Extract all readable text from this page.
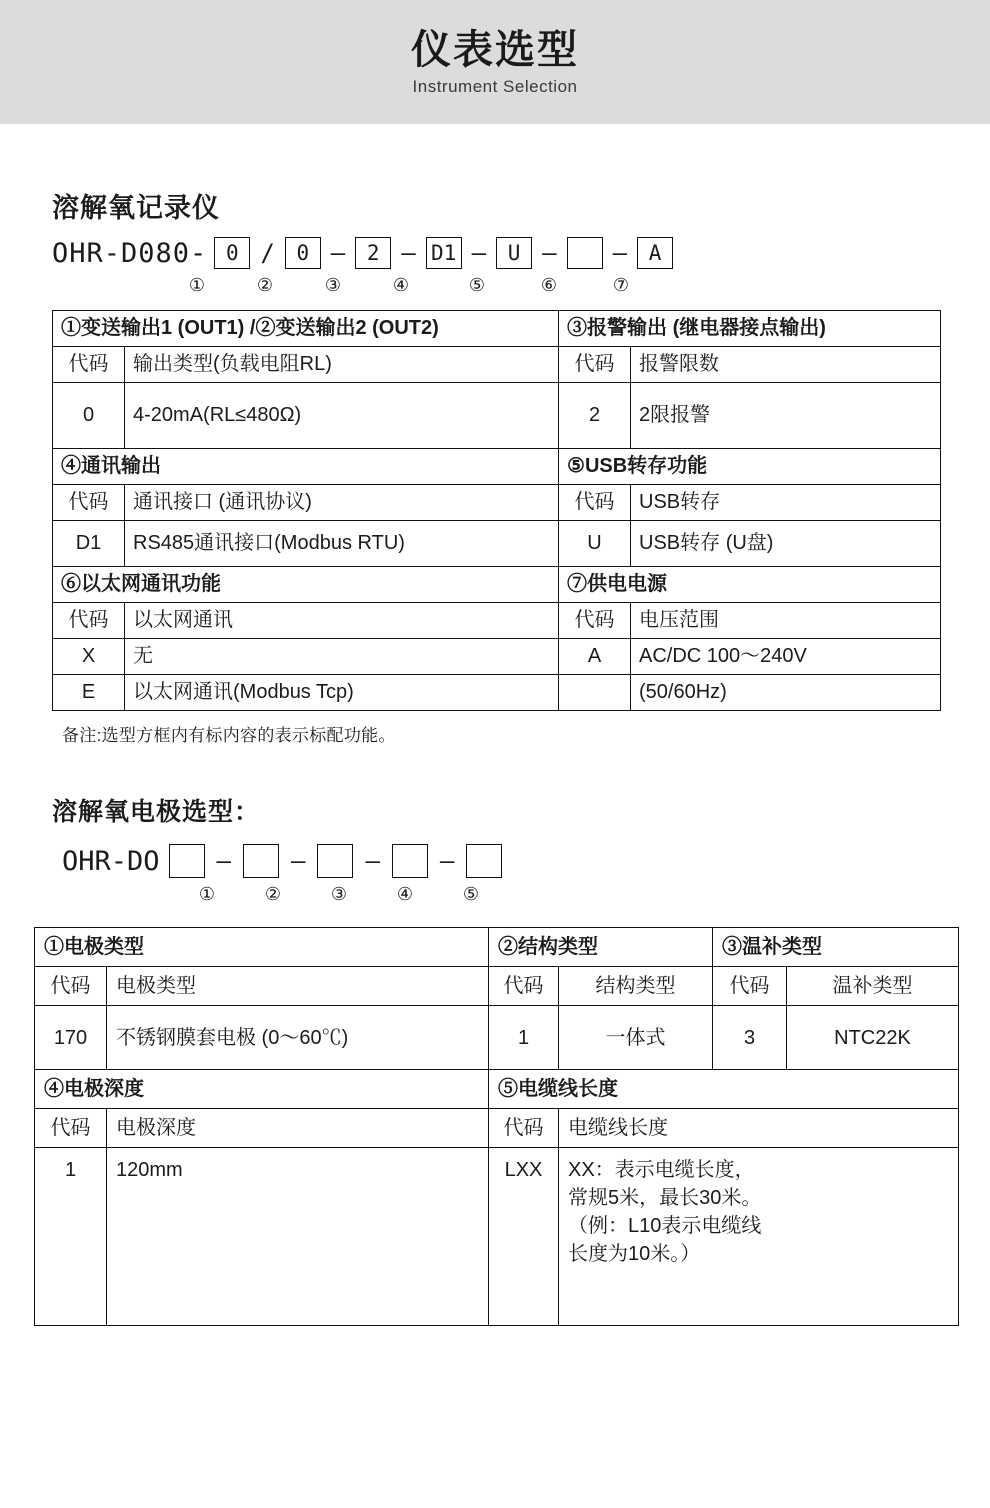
仪表选型
Instrument Selection
溶解氧记录仪
OHR-D080- 0 /	0 —	2 — D1 —	U — —	A
①	②	③	④	⑤	⑥	⑦
①变送输出1 (OUT1) /②变送输出2 (OUT2)		③报警输出 (继电器接点输出)	
代码	输出类型(负载电阻RL)	代码	报警限数
0	4-20mA(RL≤480Ω)	2	2限报警
④通讯输出		⑤USB转存功能	
代码	通讯接口 (通讯协议)	代码	USB转存
D1	RS485通讯接口(Modbus RTU)	U	USB转存 (U盘)
⑥以太网通讯功能		⑦供电电源	
代码	以太网通讯	代码	电压范围
X	无	A	AC/DC 100～240V
E	以太网通讯(Modbus Tcp)		(50/60Hz)
备注:选型方框内有标内容的表示标配功能。
溶解氧电极选型：
OHR-DO —	—	—	—
①	②	③	④	⑤
①电极类型		②结构类型		③温补类型	
代码	电极类型	代码	结构类型	代码	温补类型
170	不锈钢膜套电极 (0～60℃)	1	一体式	3	NTC22K
④电极深度		⑤电缆线长度			
代码	电极深度	代码	电缆线长度		
1	120mm	LXX	XX：表示电缆长度，
常规5米，最长30米。
（例：L10表示电缆线
长度为10米。）		
